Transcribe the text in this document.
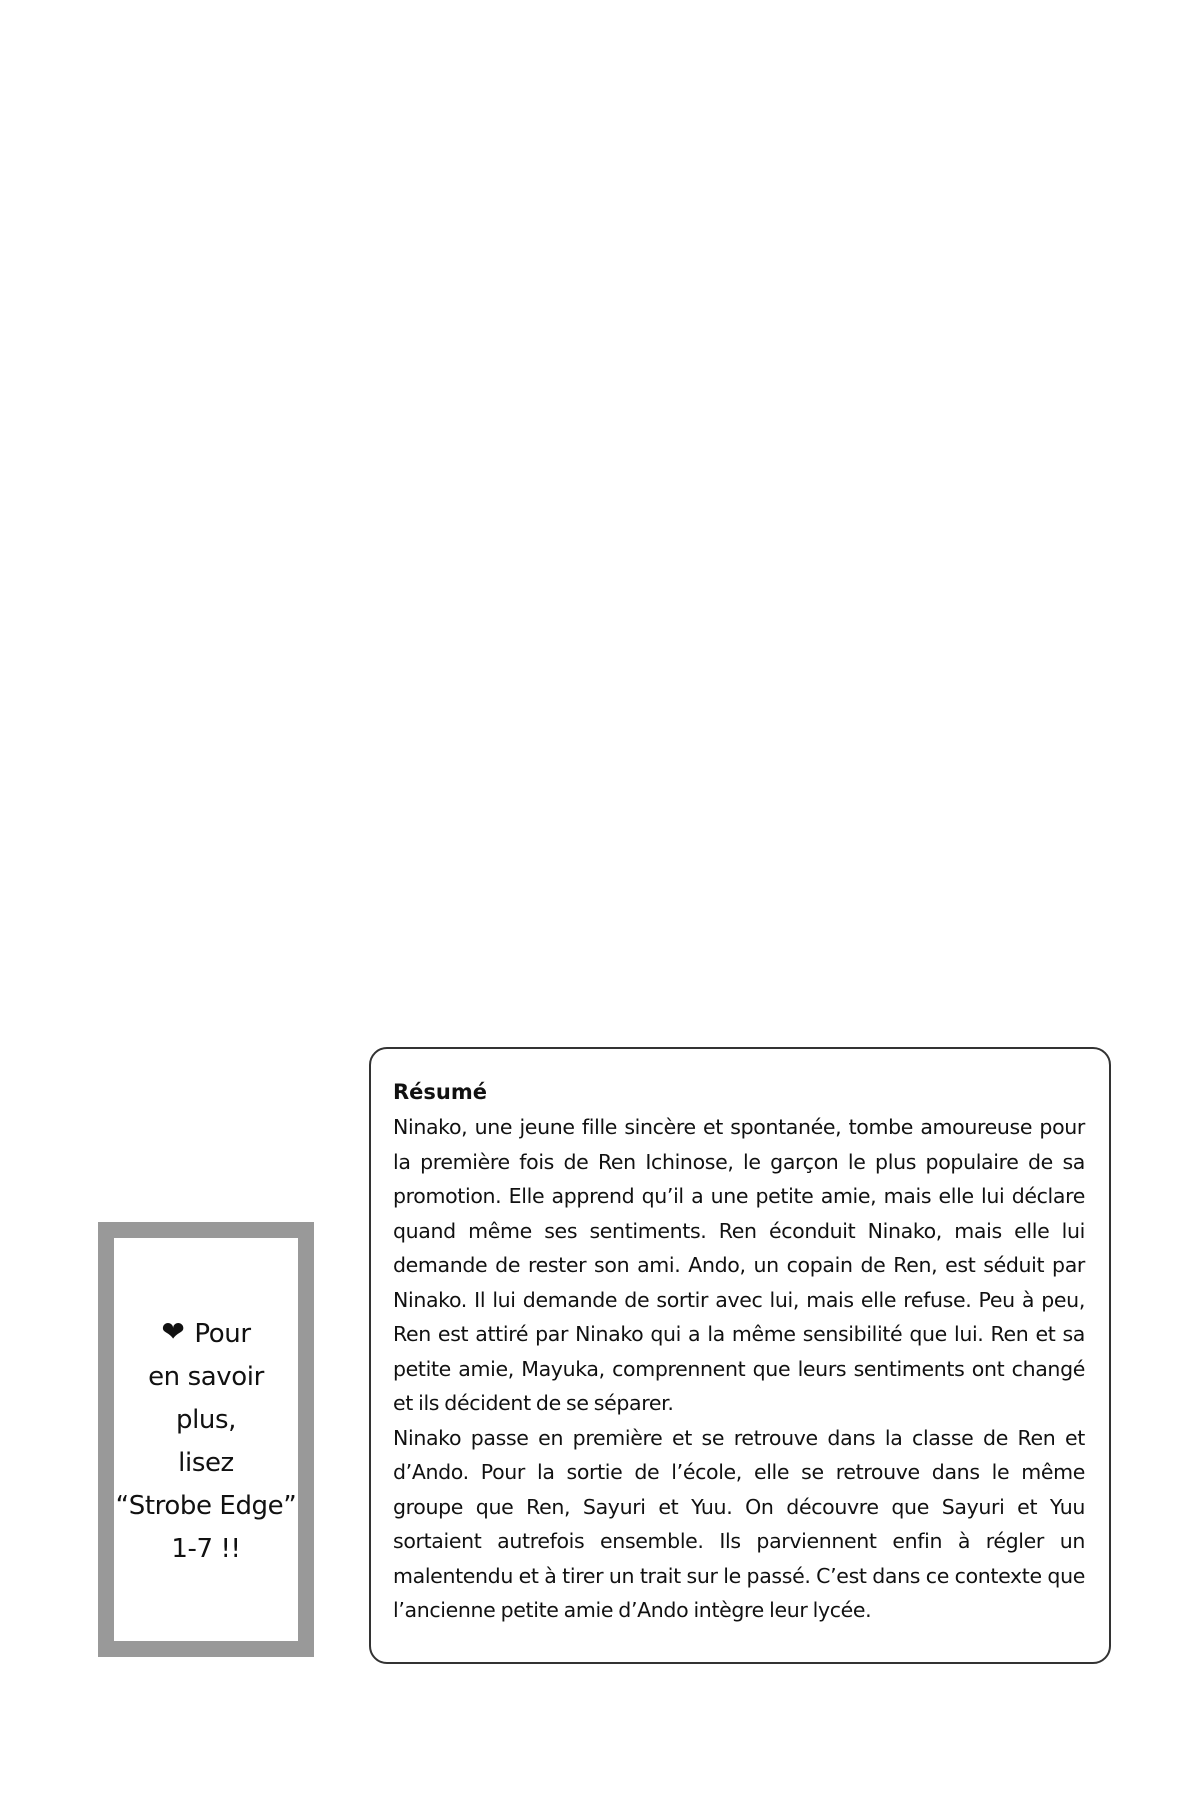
❤ Pour
en savoir
plus,
lisez
“Strobe Edge”
1-7 !!
Résumé

Ninako, une jeune fille sincère et spontanée, tombe amoureuse pour la première fois de Ren Ichinose, le garçon le plus populaire de sa promotion. Elle apprend qu’il a une petite amie, mais elle lui déclare quand même ses sentiments. Ren éconduit Ninako, mais elle lui demande de rester son ami. Ando, un copain de Ren, est séduit par Ninako. Il lui demande de sortir avec lui, mais elle refuse. Peu à peu, Ren est attiré par Ninako qui a la même sensibilité que lui. Ren et sa petite amie, Mayuka, comprennent que leurs sentiments ont changé et ils décident de se séparer.

Ninako passe en première et se retrouve dans la classe de Ren et d’Ando. Pour la sortie de l’école, elle se retrouve dans le même groupe que Ren, Sayuri et Yuu. On découvre que Sayuri et Yuu sortaient autrefois ensemble. Ils parviennent enfin à régler un malentendu et à tirer un trait sur le passé. C’est dans ce contexte que l’ancienne petite amie d’Ando intègre leur lycée.
